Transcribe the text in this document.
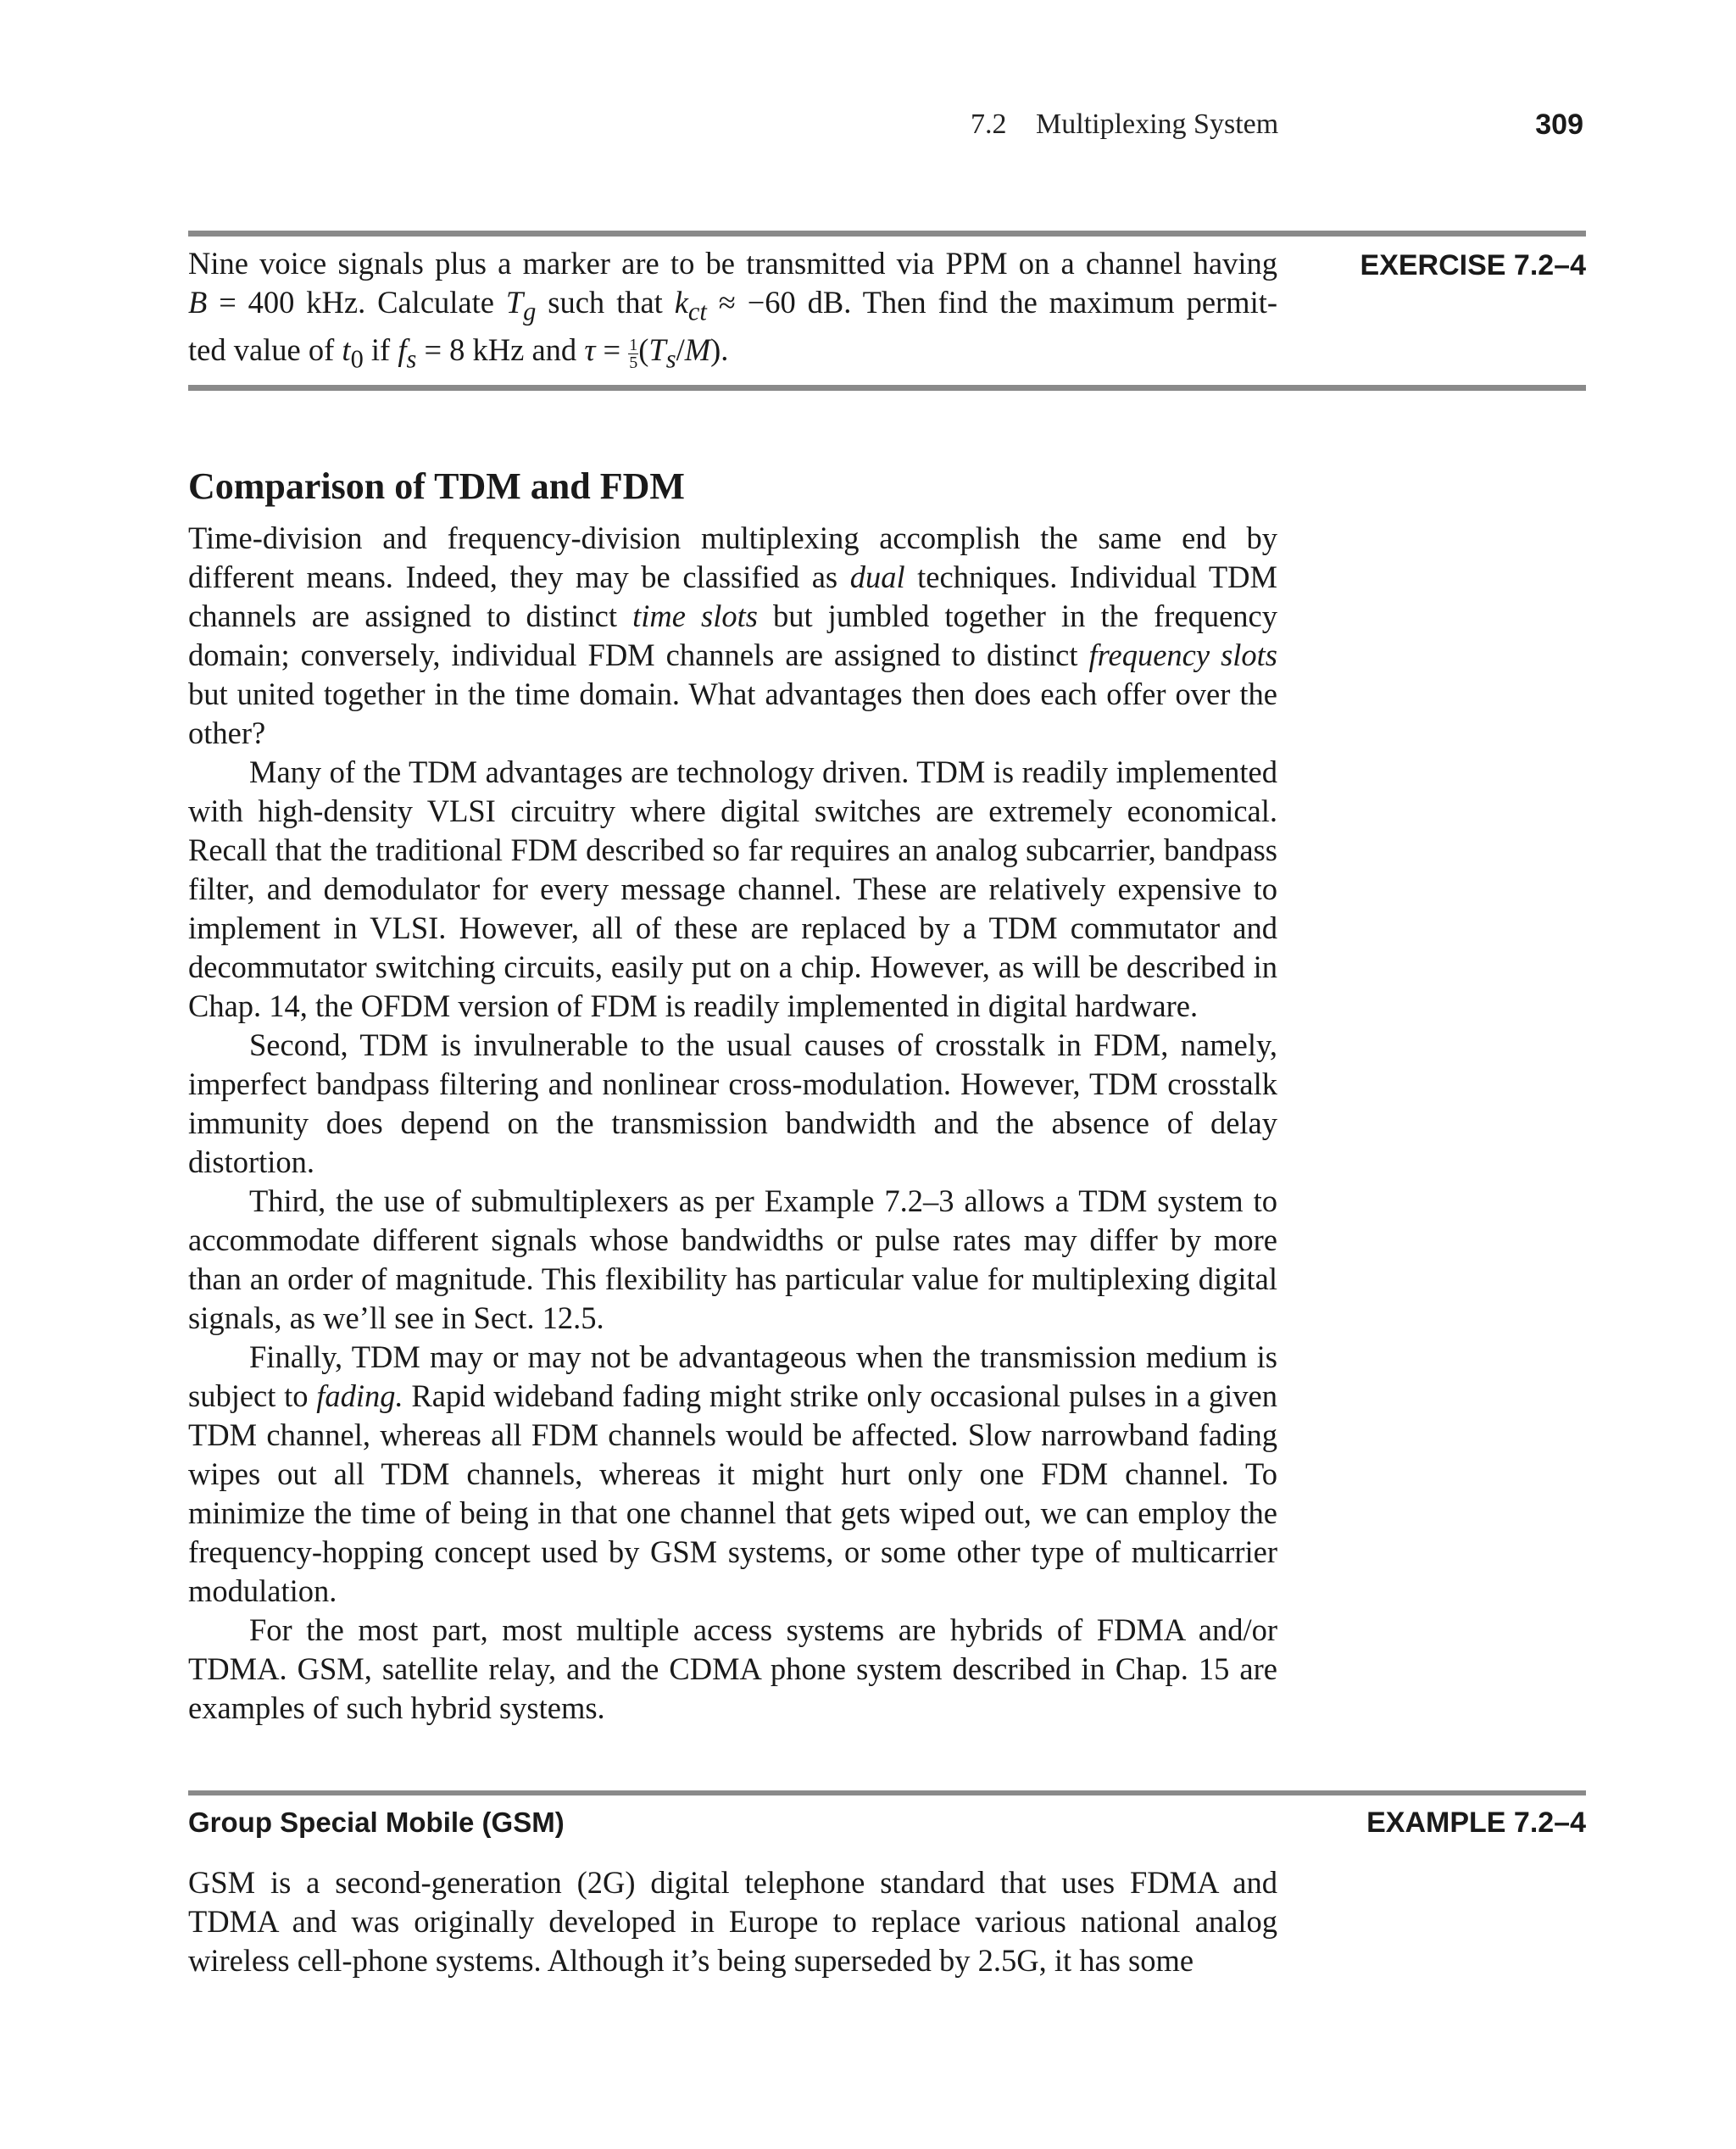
7.2 Multiplexing System	309
EXERCISE 7.2–4

Nine voice signals plus a marker are to be transmitted via PPM on a channel having

B = 400 kHz. Calculate $T_g$ such that $k_{ct} \approx -60$ dB. Then find the maximum permit-

ted value of $t_0$ if $f_s = 8$ kHz and $\tau = \frac{1}{5} (T_s/M)$.

Comparison of TDM and FDM

Time-division and frequency-division multiplexing accomplish the same end by different means. Indeed, they may be classified as dual techniques. Individual TDM channels are assigned to distinct time slots but jumbled together in the frequency domain; conversely, individual FDM channels are assigned to distinct frequency slots but united together in the time domain. What advantages then does each offer over the other?

Many of the TDM advantages are technology driven. TDM is readily implemented with high-density VLSI circuitry where digital switches are extremely economical. Recall that the traditional FDM described so far requires an analog subcarrier, bandpass filter, and demodulator for every message channel. These are relatively expensive to implement in VLSI. However, all of these are replaced by a TDM commutator and decommutator switching circuits, easily put on a chip. However, as will be described in Chap. 14, the OFDM version of FDM is readily implemented in digital hardware.

Second, TDM is invulnerable to the usual causes of crosstalk in FDM, namely, imperfect bandpass filtering and nonlinear cross-modulation. However, TDM crosstalk immunity does depend on the transmission bandwidth and the absence of delay distortion.

Third, the use of submultiplexers as per Example 7.2–3 allows a TDM system to accommodate different signals whose bandwidths or pulse rates may differ by more than an order of magnitude. This flexibility has particular value for multiplexing digital signals, as we’ll see in Sect. 12.5.

Finally, TDM may or may not be advantageous when the transmission medium is subject to fading. Rapid wideband fading might strike only occasional pulses in a given TDM channel, whereas all FDM channels would be affected. Slow narrowband fading wipes out all TDM channels, whereas it might hurt only one FDM channel. To minimize the time of being in that one channel that gets wiped out, we can employ the frequency-hopping concept used by GSM systems, or some other type of multicarrier modulation.

For the most part, most multiple access systems are hybrids of FDMA and/or TDMA. GSM, satellite relay, and the CDMA phone system described in Chap. 15 are examples of such hybrid systems.

Group Special Mobile (GSM)	EXAMPLE 7.2–4

GSM is a second-generation (2G) digital telephone standard that uses FDMA and TDMA and was originally developed in Europe to replace various national analog wireless cell-phone systems. Although it’s being superseded by 2.5G, it has some
